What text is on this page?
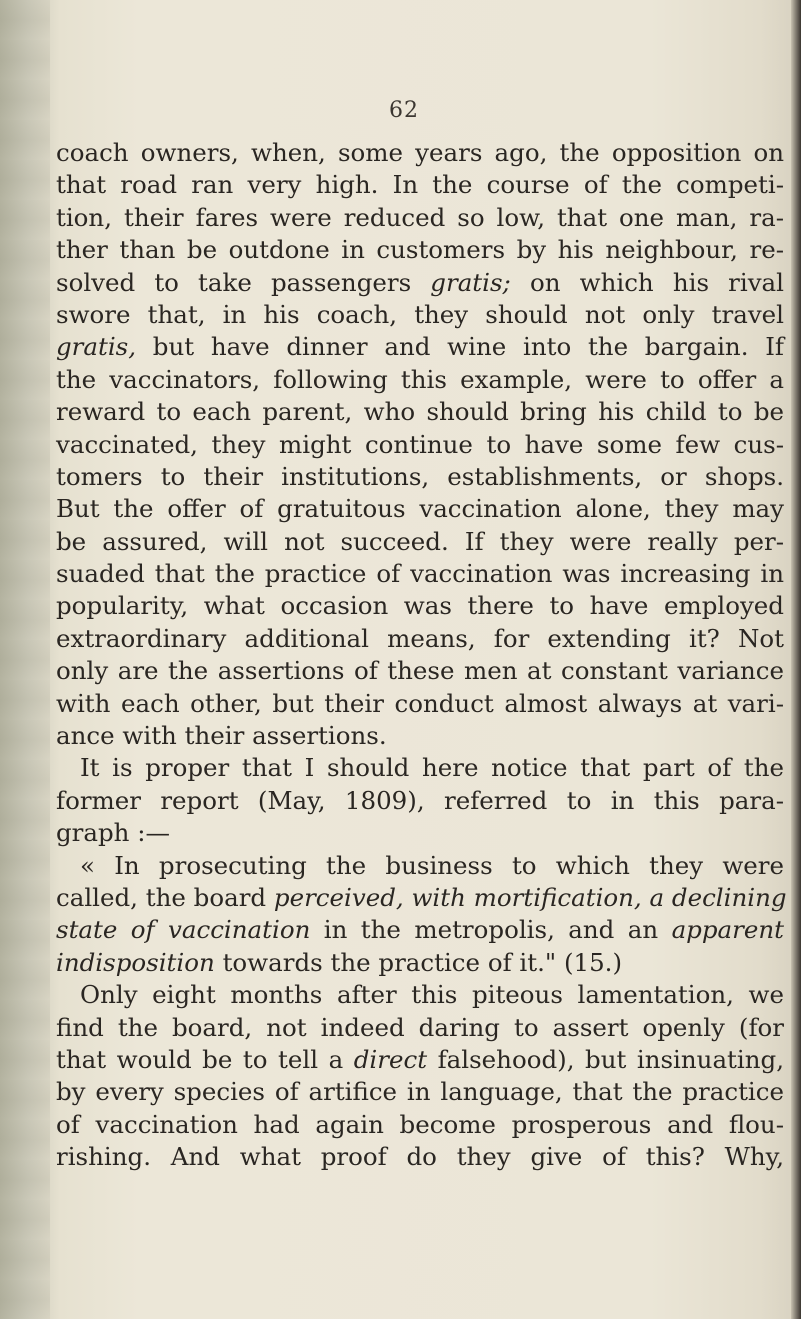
62
coach owners, when, some years ago, the opposition on
that road ran very high. In the course of the competi-
tion, their fares were reduced so low, that one man, ra-
ther than be outdone in customers by his neighbour, re-
solved to take passengers gratis; on which his rival
swore that, in his coach, they should not only travel
gratis, but have dinner and wine into the bargain. If
the vaccinators, following this example, were to offer a
reward to each parent, who should bring his child to be
vaccinated, they might continue to have some few cus-
tomers to their institutions, establishments, or shops.
But the offer of gratuitous vaccination alone, they may
be assured, will not succeed. If they were really per-
suaded that the practice of vaccination was increasing in
popularity, what occasion was there to have employed
extraordinary additional means, for extending it? Not
only are the assertions of these men at constant variance
with each other, but their conduct almost always at vari-
ance with their assertions.
It is proper that I should here notice that part of the
former report (May, 1809), referred to in this para-
graph :—
« In prosecuting the business to which they were
called, the board perceived, with mortification, a declining
state of vaccination in the metropolis, and an apparent
indisposition towards the practice of it." (15.)
Only eight months after this piteous lamentation, we
find the board, not indeed daring to assert openly (for
that would be to tell a direct falsehood), but insinuating,
by every species of artifice in language, that the practice
of vaccination had again become prosperous and flou-
rishing. And what proof do they give of this? Why,
